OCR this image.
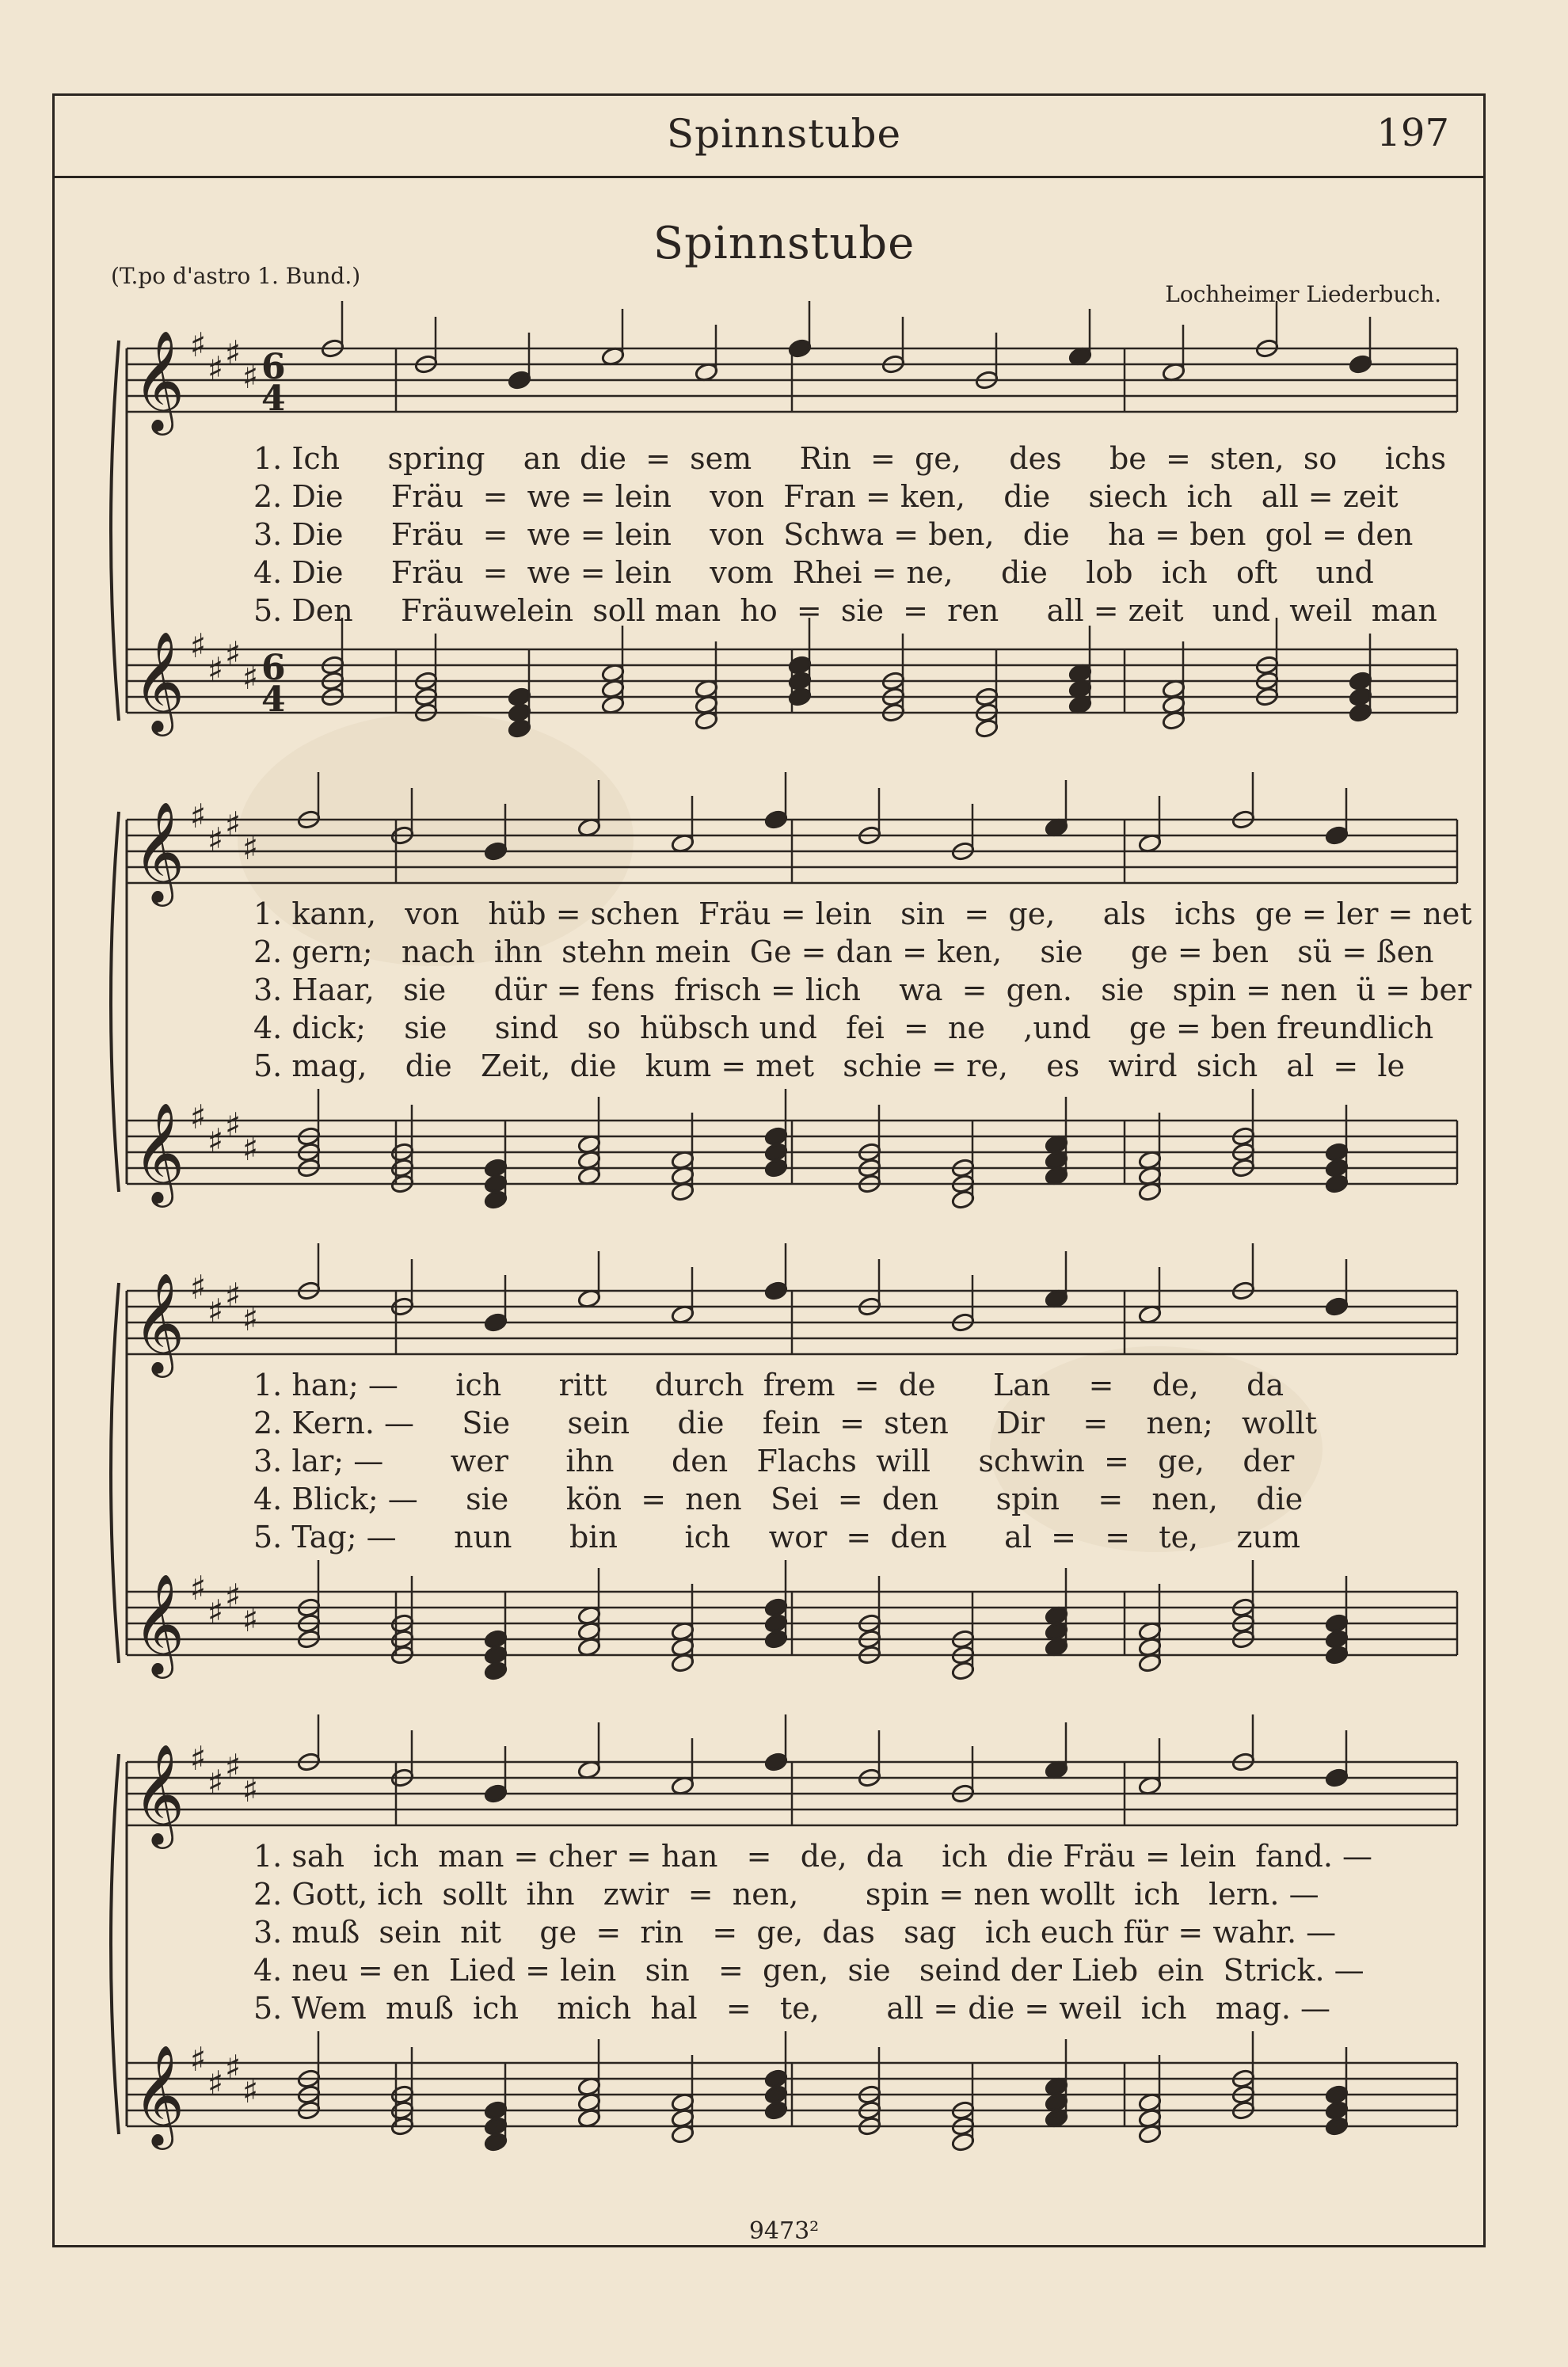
Spinnstube	197
Spinnstube
(T.po d'astro 1. Bund.)
Lochheimer Liederbuch.
𝄞 ♯
♯ ♯
♯ 6
4
𝄞 ♯
♯ ♯
♯ 6
4
1. Ich     spring    an  die  =  sem     Rin  =  ge,     des     be  =  sten,  so     ichs
2. Die     Fräu  =  we = lein    von  Fran = ken,    die    siech  ich   all = zeit
3. Die     Fräu  =  we = lein    von  Schwa = ben,   die    ha = ben  gol = den
4. Die     Fräu  =  we = lein    vom  Rhei = ne,     die    lob   ich   oft    und
5. Den     Fräuwelein  soll man  ho  =  sie  =  ren     all = zeit   und  weil  man
𝄞 ♯
♯ ♯
♯
𝄞 ♯
♯ ♯
♯
1. kann,   von   hüb = schen  Fräu = lein   sin  =  ge,     als   ichs  ge = ler = net
2. gern;   nach  ihn  stehn mein  Ge = dan = ken,    sie     ge = ben   sü = ßen
3. Haar,   sie     dür = fens  frisch = lich    wa  =  gen.   sie   spin = nen  ü = ber
4. dick;    sie     sind   so  hübsch und   fei  =  ne    ,und    ge = ben freundlich
5. mag,    die   Zeit,  die   kum = met   schie = re,    es   wird  sich   al  =  le
𝄞 ♯
♯ ♯
♯
𝄞 ♯
♯ ♯
♯
1. han; —      ich      ritt     durch  frem  =  de      Lan    =    de,     da
2. Kern. —     Sie      sein     die    fein  =  sten     Dir    =    nen;   wollt
3. lar; —       wer      ihn      den   Flachs  will     schwin  =   ge,    der
4. Blick; —     sie      kön  =  nen   Sei  =  den      spin    =   nen,    die
5. Tag; —      nun      bin       ich    wor  =  den      al  =   =   te,    zum
𝄞 ♯
♯ ♯
♯
𝄞 ♯
♯ ♯
♯
1. sah   ich  man = cher = han   =   de,  da    ich  die Fräu = lein  fand. —
2. Gott, ich  sollt  ihn   zwir  =  nen,       spin = nen wollt  ich   lern. —
3. muß  sein  nit    ge  =  rin   =  ge,  das   sag   ich euch für = wahr. —
4. neu = en  Lied = lein   sin   =  gen,  sie   seind der Lieb  ein  Strick. —
5. Wem  muß  ich    mich  hal   =   te,       all = die = weil  ich   mag. —
9473²
